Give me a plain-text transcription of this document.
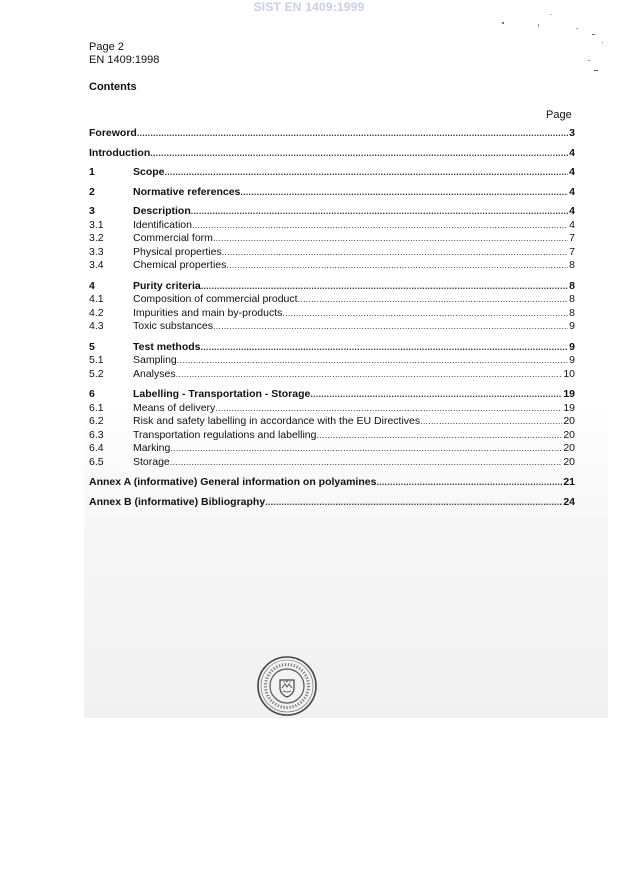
SIST EN 1409:1999
Page 2
EN 1409:1998
Contents
Page
Foreword .....	3
Introduction .....	4
1	Scope .....	4
2	Normative references .....	4
3	Description .....	4
3.1	Identification .....	4
3.2	Commercial form .....	7
3.3	Physical properties .....	7
3.4	Chemical properties .....	8
4	Purity criteria .....	8
4.1	Composition of commercial product .....	8
4.2	Impurities and main by-products .....	8
4.3	Toxic substances .....	9
5	Test methods .....	9
5.1	Sampling .....	9
5.2	Analyses .....	10
6	Labelling - Transportation - Storage .....	19
6.1	Means of delivery .....	19
6.2	Risk and safety labelling in accordance with the EU Directives .....	20
6.3	Transportation regulations and labelling .....	20
6.4	Marking .....	20
6.5	Storage .....	20
Annex A (informative) General information on polyamines .....	21
Annex B (informative) Bibliography .....	24
